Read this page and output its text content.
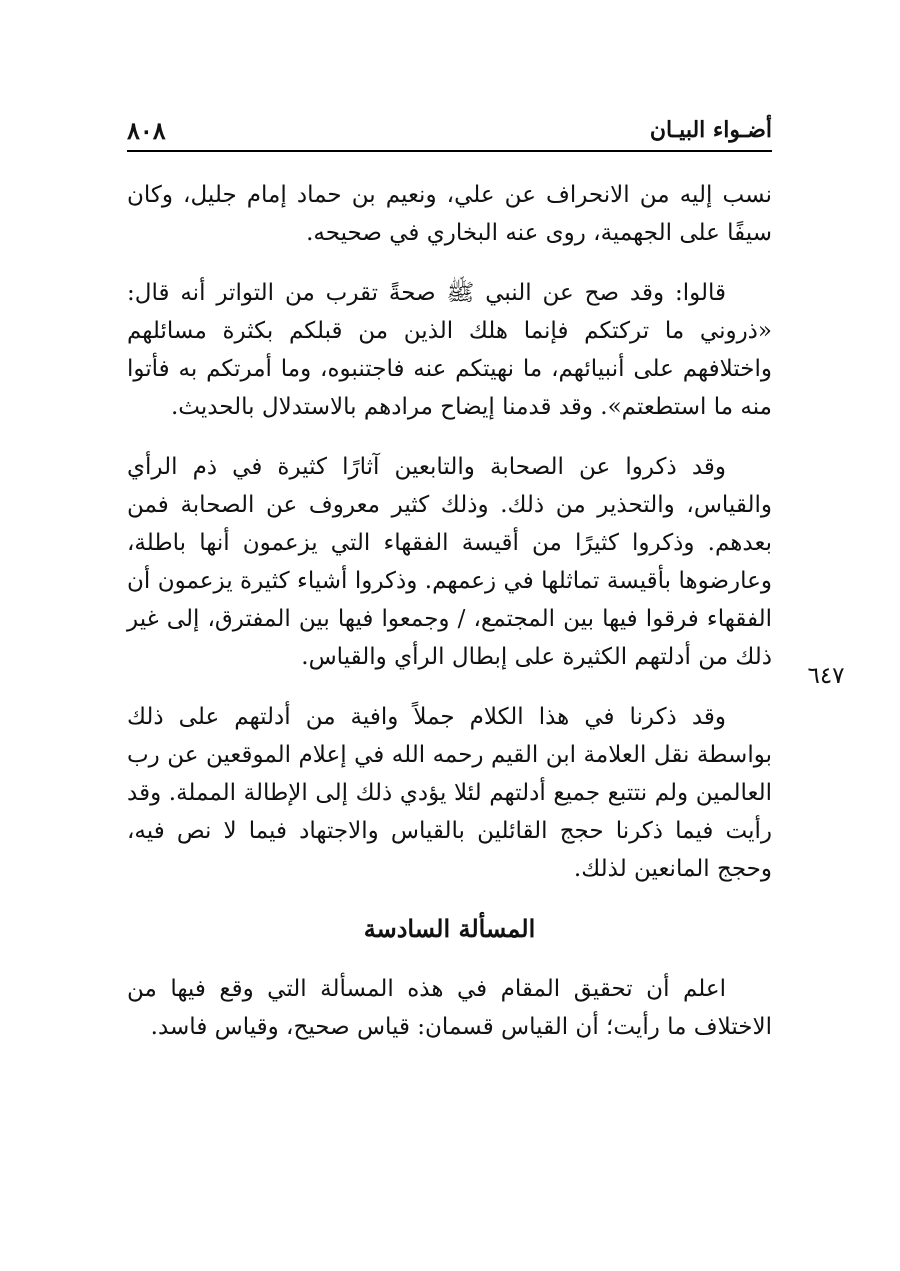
أضـواء البيـان
٨٠٨
٦٤٧

نسب إليه من الانحراف عن علي، ونعيم بن حماد إمام جليل، وكان سيفًا على الجهمية، روى عنه البخاري في صحيحه.

قالوا: وقد صح عن النبي ﷺ صحةً تقرب من التواتر أنه قال: «ذروني ما تركتكم فإنما هلك الذين من قبلكم بكثرة مسائلهم واختلافهم على أنبيائهم، ما نهيتكم عنه فاجتنبوه، وما أمرتكم به فأتوا منه ما استطعتم». وقد قدمنا إيضاح مرادهم بالاستدلال بالحديث.

وقد ذكروا عن الصحابة والتابعين آثارًا كثيرة في ذم الرأي والقياس، والتحذير من ذلك. وذلك كثير معروف عن الصحابة فمن بعدهم. وذكروا كثيرًا من أقيسة الفقهاء التي يزعمون أنها باطلة، وعارضوها بأقيسة تماثلها في زعمهم. وذكروا أشياء كثيرة يزعمون أن الفقهاء فرقوا فيها بين المجتمع، / وجمعوا فيها بين المفترق، إلى غير ذلك من أدلتهم الكثيرة على إبطال الرأي والقياس.

وقد ذكرنا في هذا الكلام جملاً وافية من أدلتهم على ذلك بواسطة نقل العلامة ابن القيم رحمه الله في إعلام الموقعين عن رب العالمين ولم نتتبع جميع أدلتهم لئلا يؤدي ذلك إلى الإطالة المملة. وقد رأيت فيما ذكرنا حجج القائلين بالقياس والاجتهاد فيما لا نص فيه، وحجج المانعين لذلك.

المسألة السادسة

اعلم أن تحقيق المقام في هذه المسألة التي وقع فيها من الاختلاف ما رأيت؛ أن القياس قسمان: قياس صحيح، وقياس فاسد.
